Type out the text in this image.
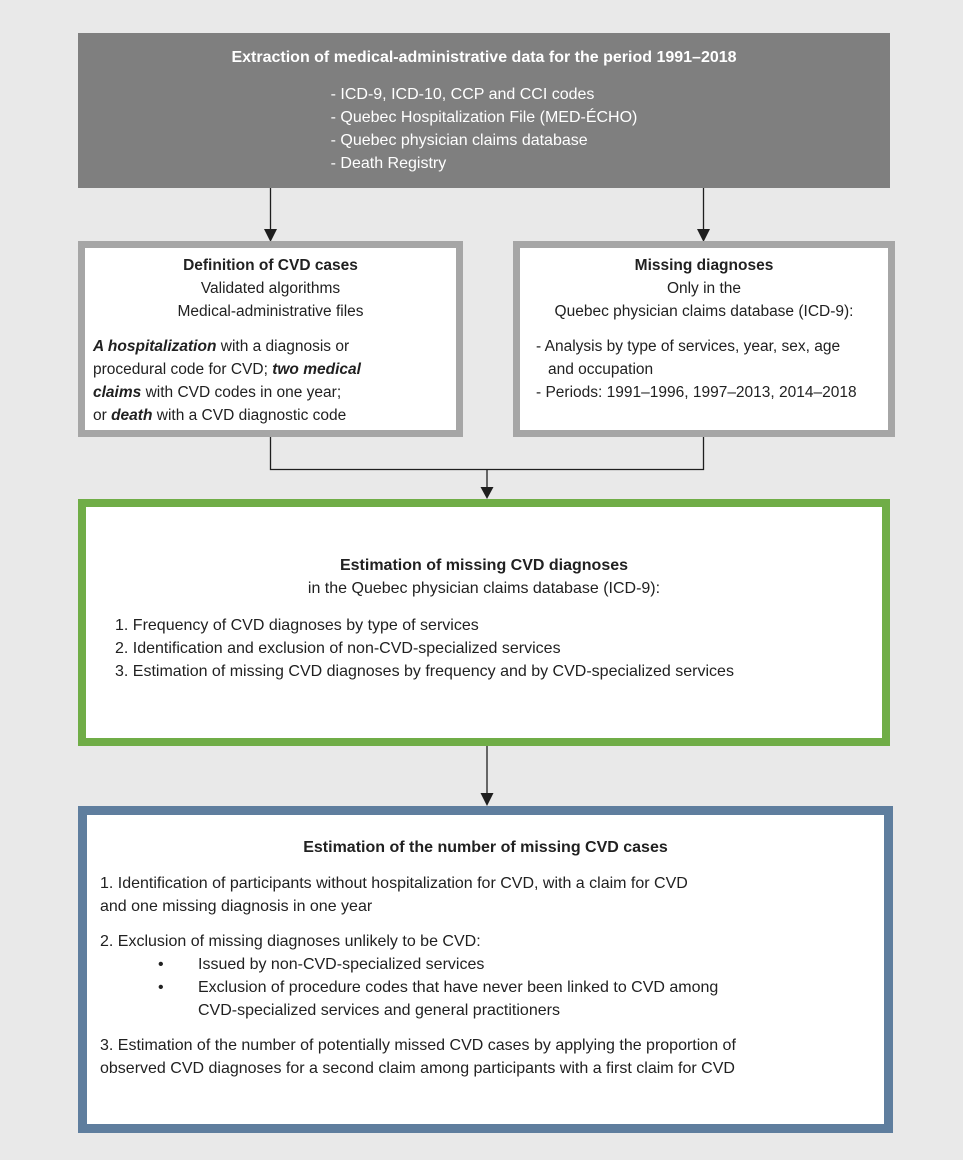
Extraction of medical-administrative data for the period 1991–2018
- ICD-9, ICD-10, CCP and CCI codes
- Quebec Hospitalization File (MED-ÉCHO)
- Quebec physician claims database
- Death Registry
Definition of CVD cases
Validated algorithms
Medical-administrative files
A hospitalization with a diagnosis or
procedural code for CVD; two medical
claims with CVD codes in one year;
or death with a CVD diagnostic code
Missing diagnoses
Only in the
Quebec physician claims database (ICD-9):
- Analysis by type of services, year, sex, age
and occupation
- Periods: 1991–1996, 1997–2013, 2014–2018
Estimation of missing CVD diagnoses
in the Quebec physician claims database (ICD-9):
1. Frequency of CVD diagnoses by type of services
2. Identification and exclusion of non-CVD-specialized services
3. Estimation of missing CVD diagnoses by frequency and by CVD-specialized services
Estimation of the number of missing CVD cases
1. Identification of participants without hospitalization for CVD, with a claim for CVD
and one missing diagnosis in one year
2. Exclusion of missing diagnoses unlikely to be CVD:
•	Issued by non-CVD-specialized services
•	Exclusion of procedure codes that have never been linked to CVD among
CVD-specialized services and general practitioners
3. Estimation of the number of potentially missed CVD cases by applying the proportion of
observed CVD diagnoses for a second claim among participants with a first claim for CVD
